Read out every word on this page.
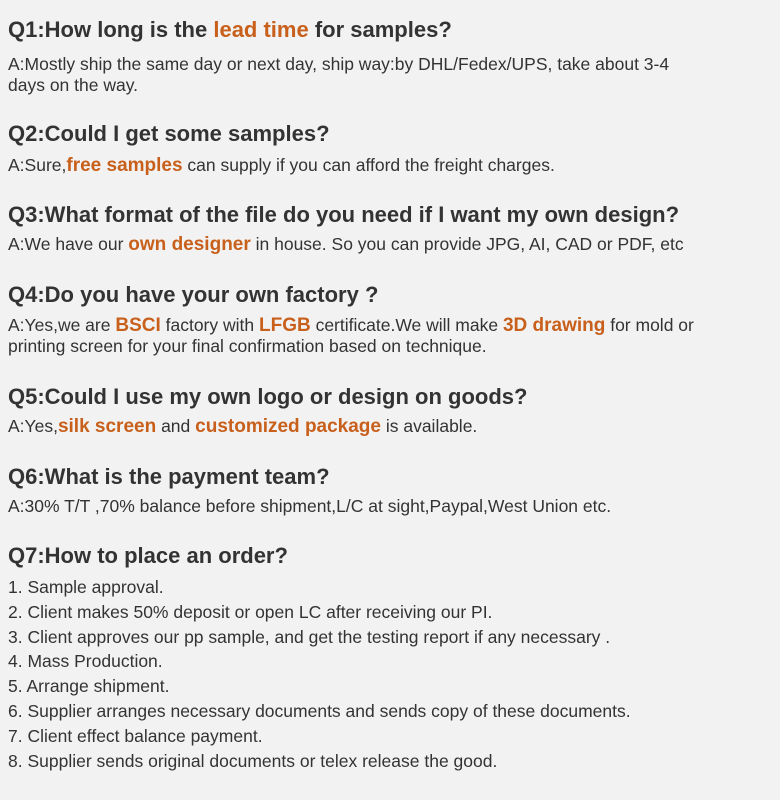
Q1:How long is the lead time for samples?
A:Mostly ship the same day or next day, ship way:by DHL/Fedex/UPS, take about 3-4 days on the way.
Q2:Could I get some samples?
A:Sure,free samples can supply if you can afford the freight charges.
Q3:What format of the file do you need if I want my own design?
A:We have our own designer in house. So you can provide JPG, AI, CAD or PDF, etc
Q4:Do you have your own factory ?
A:Yes,we are BSCI factory with LFGB certificate.We will make 3D drawing for mold or printing screen for your final confirmation based on technique.
Q5:Could I use my own logo or design on goods?
A:Yes,silk screen and customized package is available.
Q6:What is the payment team?
A:30% T/T ,70% balance before shipment,L/C at sight,Paypal,West Union etc.
Q7:How to place an order?
1. Sample approval.
2. Client makes 50% deposit or open LC after receiving our PI.
3. Client approves our pp sample, and get the testing report if any necessary .
4. Mass Production.
5. Arrange shipment.
6. Supplier arranges necessary documents and sends copy of these documents.
7. Client effect balance payment.
8. Supplier sends original documents or telex release the good.
